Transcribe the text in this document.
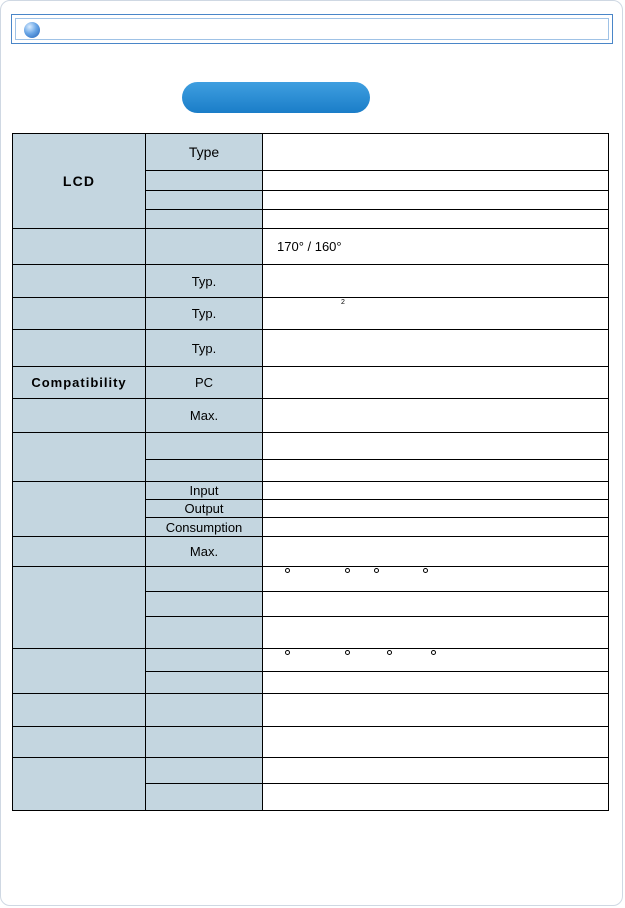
LCD	Type	

		170° / 160°
	Typ.	
	Typ.	2

	Typ.	
Compatibility	PC	
	Max.	

	Input	
	Output	
	Consumption	
	Max.	
